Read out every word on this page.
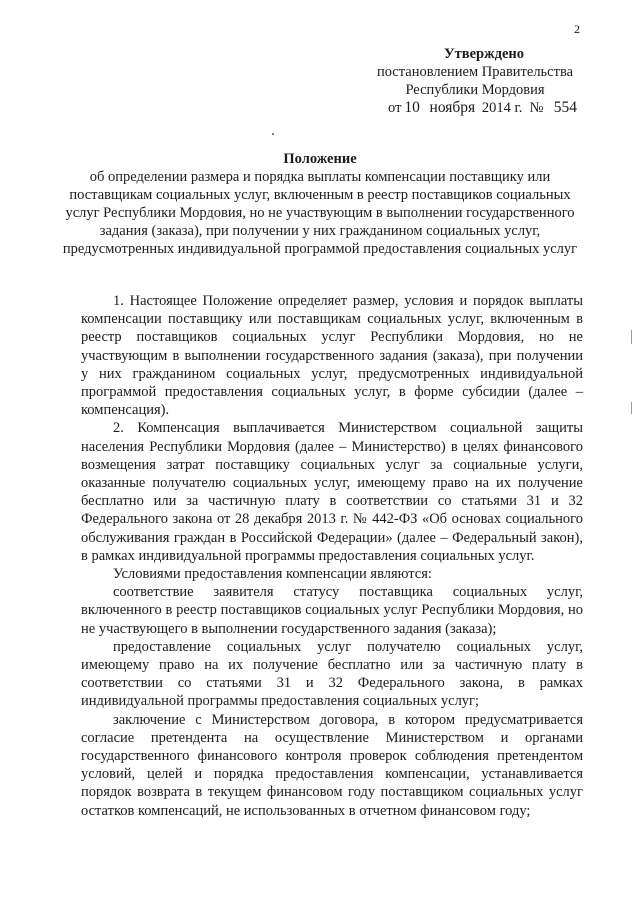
2
Утверждено
постановлением Правительства
Республики Мордовия
от 10 ноября 2014 г. № 554
Положение
об определении размера и порядка выплаты компенсации поставщику или поставщикам социальных услуг, включенным в реестр поставщиков социальных услуг Республики Мордовия, но не участвующим в выполнении государственного задания (заказа), при получении у них гражданином социальных услуг, предусмотренных индивидуальной программой предоставления социальных услуг

1. Настоящее Положение определяет размер, условия и порядок выплаты компенсации поставщику или поставщикам социальных услуг, включенным в реестр поставщиков социальных услуг Республики Мордовия, но не участвующим в выполнении государственного задания (заказа), при получении у них гражданином социальных услуг, предусмотренных индивидуальной программой предоставления социальных услуг, в форме субсидии (далее – компенсация).

2. Компенсация выплачивается Министерством социальной защиты населения Республики Мордовия (далее – Министерство) в целях финансового возмещения затрат поставщику социальных услуг за социальные услуги, оказанные получателю социальных услуг, имеющему право на их получение бесплатно или за частичную плату в соответствии со статьями 31 и 32 Федерального закона от 28 декабря 2013 г. № 442-ФЗ «Об основах социального обслуживания граждан в Российской Федерации» (далее – Федеральный закон), в рамках индивидуальной программы предоставления социальных услуг.

Условиями предоставления компенсации являются:

соответствие заявителя статусу поставщика социальных услуг, включенного в реестр поставщиков социальных услуг Республики Мордовия, но не участвующего в выполнении государственного задания (заказа);

предоставление социальных услуг получателю социальных услуг, имеющему право на их получение бесплатно или за частичную плату в соответствии со статьями 31 и 32 Федерального закона, в рамках индивидуальной программы предоставления социальных услуг;

заключение с Министерством договора, в котором предусматривается согласие претендента на осуществление Министерством и органами государственного финансового контроля проверок соблюдения претендентом условий, целей и порядка предоставления компенсации, устанавливается порядок возврата в текущем финансовом году поставщиком социальных услуг остатков компенсаций, не использованных в отчетном финансовом году;
